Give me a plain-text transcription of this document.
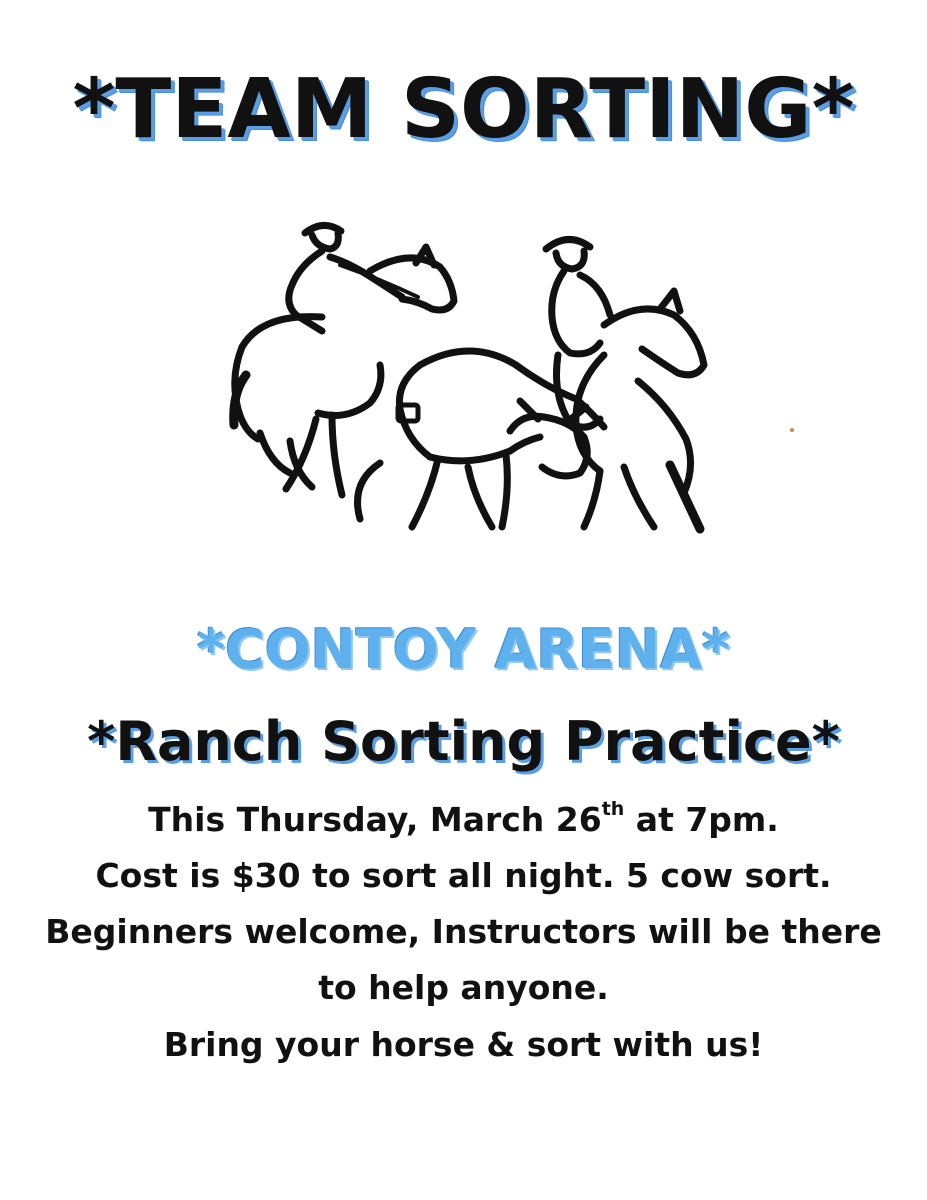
*TEAM SORTING*
*CONTOY ARENA*
*Ranch Sorting Practice*
This Thursday, March 26th at 7pm.
Cost is $30 to sort all night. 5 cow sort.
Beginners welcome, Instructors will be there
to help anyone.
Bring your horse & sort with us!
